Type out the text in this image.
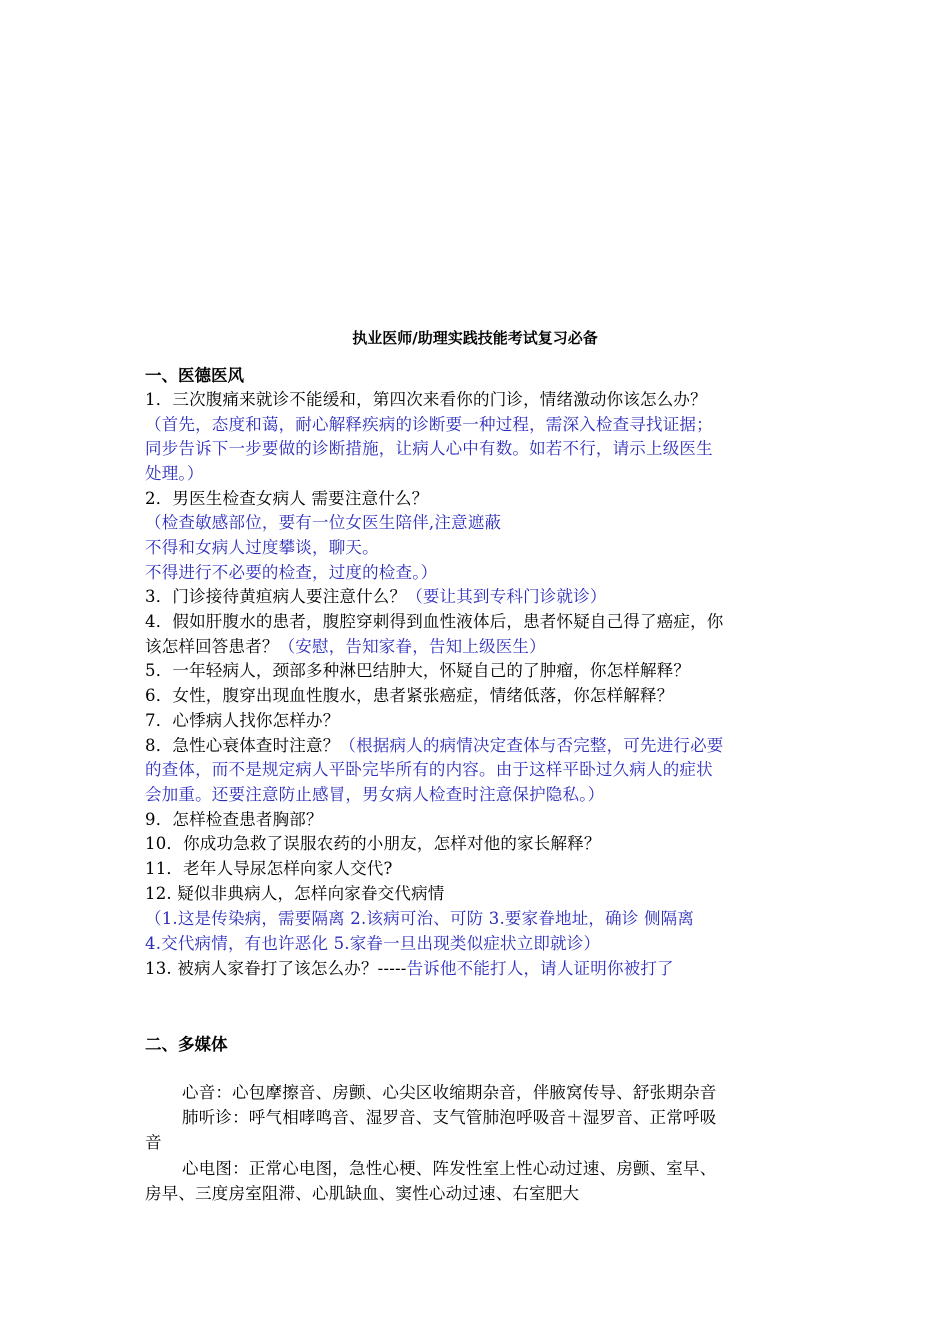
执业医师/助理实践技能考试复习必备
一、医德医风
1．三次腹痛来就诊不能缓和，第四次来看你的门诊，情绪激动你该怎么办？
（首先，态度和蔼，耐心解释疾病的诊断要一种过程，需深入检查寻找证据；
同步告诉下一步要做的诊断措施，让病人心中有数。如若不行，请示上级医生
处理。）
2．男医生检查女病人 需要注意什么？
（检查敏感部位，要有一位女医生陪伴,注意遮蔽
不得和女病人过度攀谈，聊天。
不得进行不必要的检查，过度的检查。）
3．门诊接待黄疸病人要注意什么？（要让其到专科门诊就诊）
4．假如肝腹水的患者，腹腔穿刺得到血性液体后，患者怀疑自己得了癌症，你
该怎样回答患者？（安慰，告知家眷，告知上级医生）
5．一年轻病人，颈部多种淋巴结肿大，怀疑自己的了肿瘤，你怎样解释？
6．女性，腹穿出现血性腹水，患者紧张癌症，情绪低落，你怎样解释？
7．心悸病人找你怎样办？
8．急性心衰体查时注意？（根据病人的病情决定查体与否完整，可先进行必要
的查体，而不是规定病人平卧完毕所有的内容。由于这样平卧过久病人的症状
会加重。还要注意防止感冒，男女病人检查时注意保护隐私。）
9．怎样检查患者胸部？
10．你成功急救了误服农药的小朋友，怎样对他的家长解释？
11．老年人导尿怎样向家人交代?
12. 疑似非典病人，怎样向家眷交代病情
（1.这是传染病，需要隔离 2.该病可治、可防 3.要家眷地址，确诊 侧隔离
4.交代病情，有也许恶化 5.家眷一旦出现类似症状立即就诊）
13. 被病人家眷打了该怎么办？-----告诉他不能打人，请人证明你被打了
二、多媒体
心音：心包摩擦音、房颤、心尖区收缩期杂音，伴腋窝传导、舒张期杂音
肺听诊：呼气相哮鸣音、湿罗音、支气管肺泡呼吸音＋湿罗音、正常呼吸
音
心电图：正常心电图，急性心梗、阵发性室上性心动过速、房颤、室早、
房早、三度房室阻滞、心肌缺血、窦性心动过速、右室肥大
